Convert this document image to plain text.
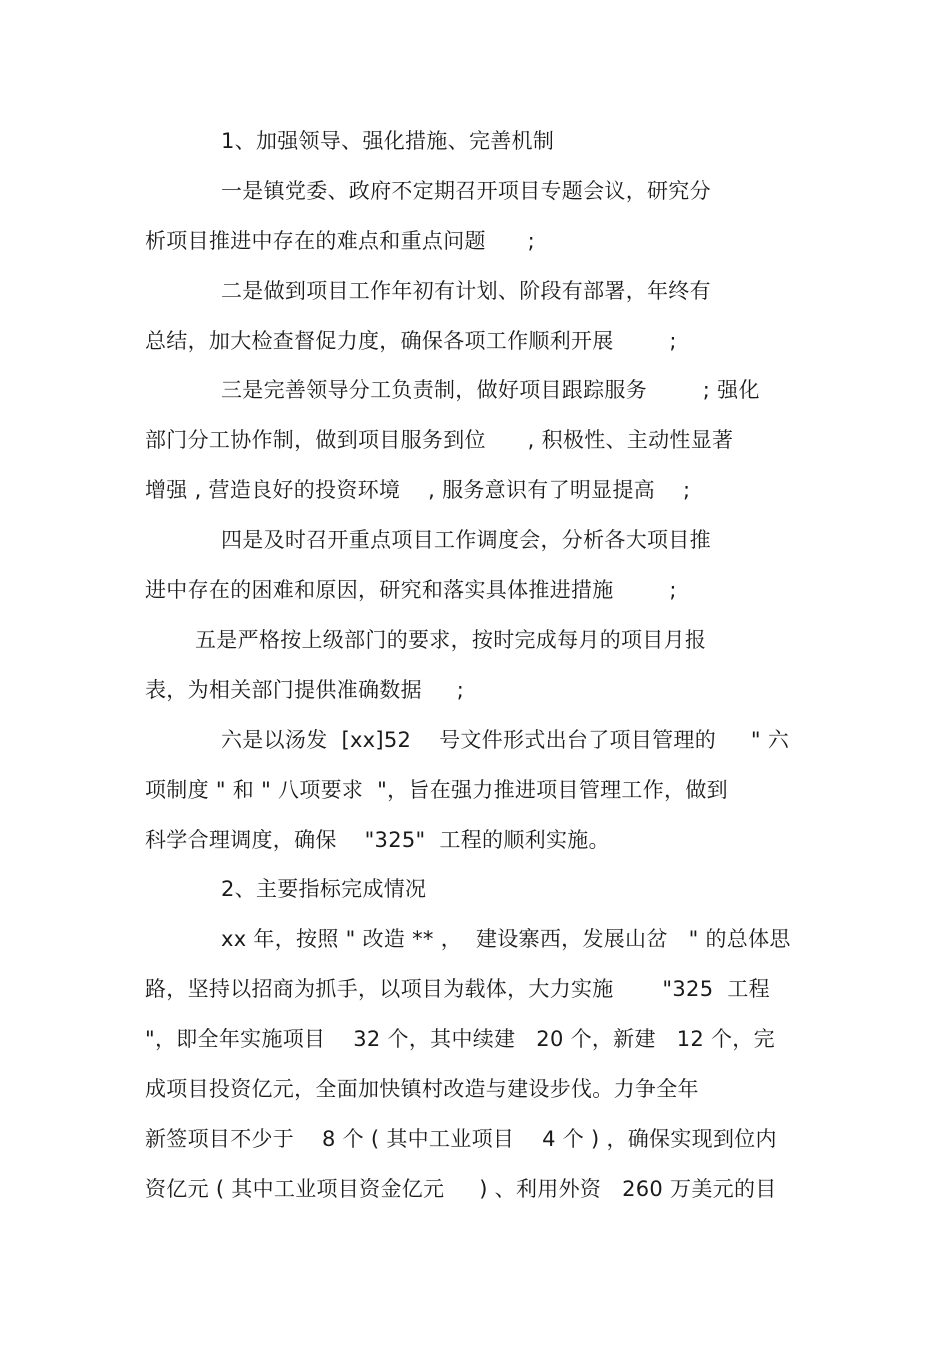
1、加强领导、强化措施、完善机制
一是镇党委、政府不定期召开项目专题会议，研究分
析项目推进中存在的难点和重点问题      ;
二是做到项目工作年初有计划、阶段有部署，年终有
总结，加大检查督促力度，确保各项工作顺利开展        ;
三是完善领导分工负责制，做好项目跟踪服务        ; 强化
部门分工协作制，做到项目服务到位      , 积极性、主动性显著
增强 , 营造良好的投资环境    , 服务意识有了明显提高    ;
四是及时召开重点项目工作调度会，分析各大项目推
进中存在的困难和原因，研究和落实具体推进措施        ;
五是严格按上级部门的要求，按时完成每月的项目月报
表，为相关部门提供准确数据     ;
六是以汤发  [xx]52    号文件形式出台了项目管理的     " 六
项制度 " 和 " 八项要求  "，旨在强力推进项目管理工作，做到
科学合理调度，确保    "325"  工程的顺利实施。
2、主要指标完成情况
xx 年，按照 " 改造 ** ，  建设寨西，发展山岔   " 的总体思
路，坚持以招商为抓手，以项目为载体，大力实施       "325  工程
"，即全年实施项目    32 个，其中续建   20 个，新建   12 个，完
成项目投资亿元，全面加快镇村改造与建设步伐。力争全年
新签项目不少于    8 个 ( 其中工业项目    4 个 ) ，确保实现到位内
资亿元 ( 其中工业项目资金亿元     ) 、利用外资   260 万美元的目
